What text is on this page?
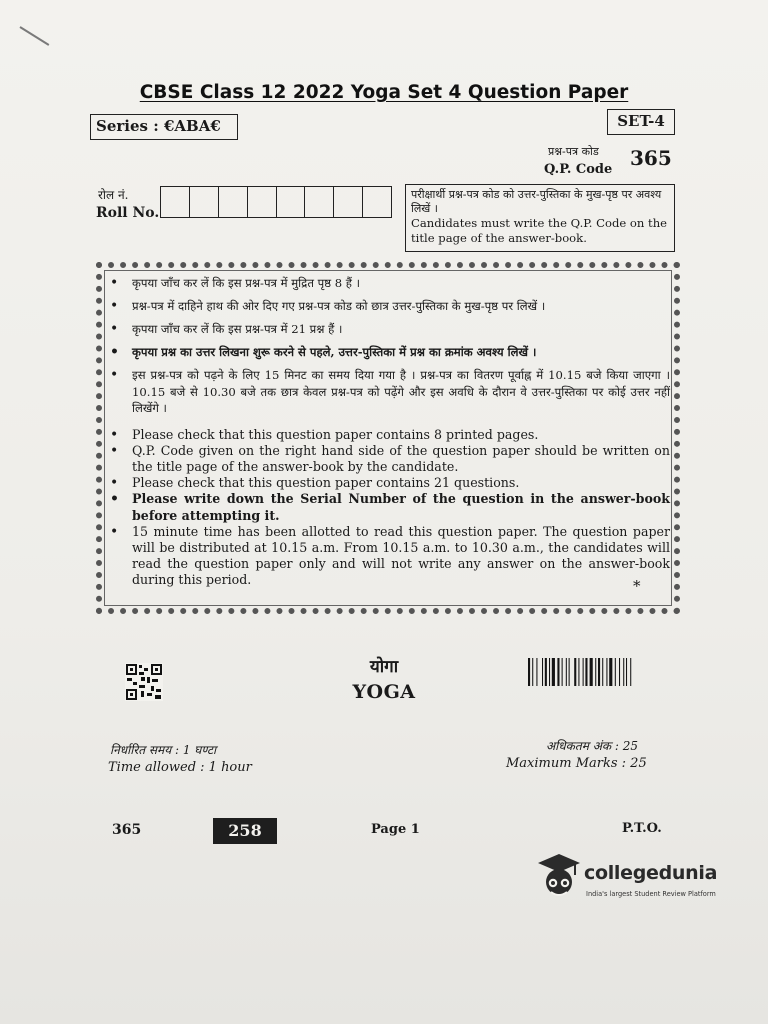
CBSE Class 12 2022 Yoga Set 4 Question Paper
Series : €ABA€	SET-4
प्रश्न-पत्र कोड
Q.P. Code 365
रोल नं.
Roll No.
परीक्षार्थी प्रश्न-पत्र कोड को उत्तर-पुस्तिका के मुख-पृष्ठ पर अवश्य लिखें ।
Candidates must write the Q.P. Code on the title page of the answer-book.
• कृपया जाँच कर लें कि इस प्रश्न-पत्र में मुद्रित पृष्ठ 8 हैं ।
• प्रश्न-पत्र में दाहिने हाथ की ओर दिए गए प्रश्न-पत्र कोड को छात्र उत्तर-पुस्तिका के मुख-पृष्ठ पर लिखें ।
• कृपया जाँच कर लें कि इस प्रश्न-पत्र में 21 प्रश्न हैं ।
• कृपया प्रश्न का उत्तर लिखना शुरू करने से पहले, उत्तर-पुस्तिका में प्रश्न का क्रमांक अवश्य लिखें ।
• इस प्रश्न-पत्र को पढ़ने के लिए 15 मिनट का समय दिया गया है । प्रश्न-पत्र का वितरण पूर्वाह्न में 10.15 बजे किया जाएगा । 10.15 बजे से 10.30 बजे तक छात्र केवल प्रश्न-पत्र को पढ़ेंगे और इस अवधि के दौरान वे उत्तर-पुस्तिका पर कोई उत्तर नहीं लिखेंगे ।
• Please check that this question paper contains 8 printed pages.
• Q.P. Code given on the right hand side of the question paper should be written on the title page of the answer-book by the candidate.
• Please check that this question paper contains 21 questions.
• Please write down the Serial Number of the question in the answer-book before attempting it.
• 15 minute time has been allotted to read this question paper. The question paper will be distributed at 10.15 a.m. From 10.15 a.m. to 10.30 a.m., the candidates will read the question paper only and will not write any answer on the answer-book during this period.	*
योगा
YOGA
निर्धारित समय : 1 घण्टा
Time allowed : 1 hour
अधिकतम अंक : 25
Maximum Marks : 25
365	258	Page 1	P.T.O.
collegedunia
India's largest Student Review Platform
